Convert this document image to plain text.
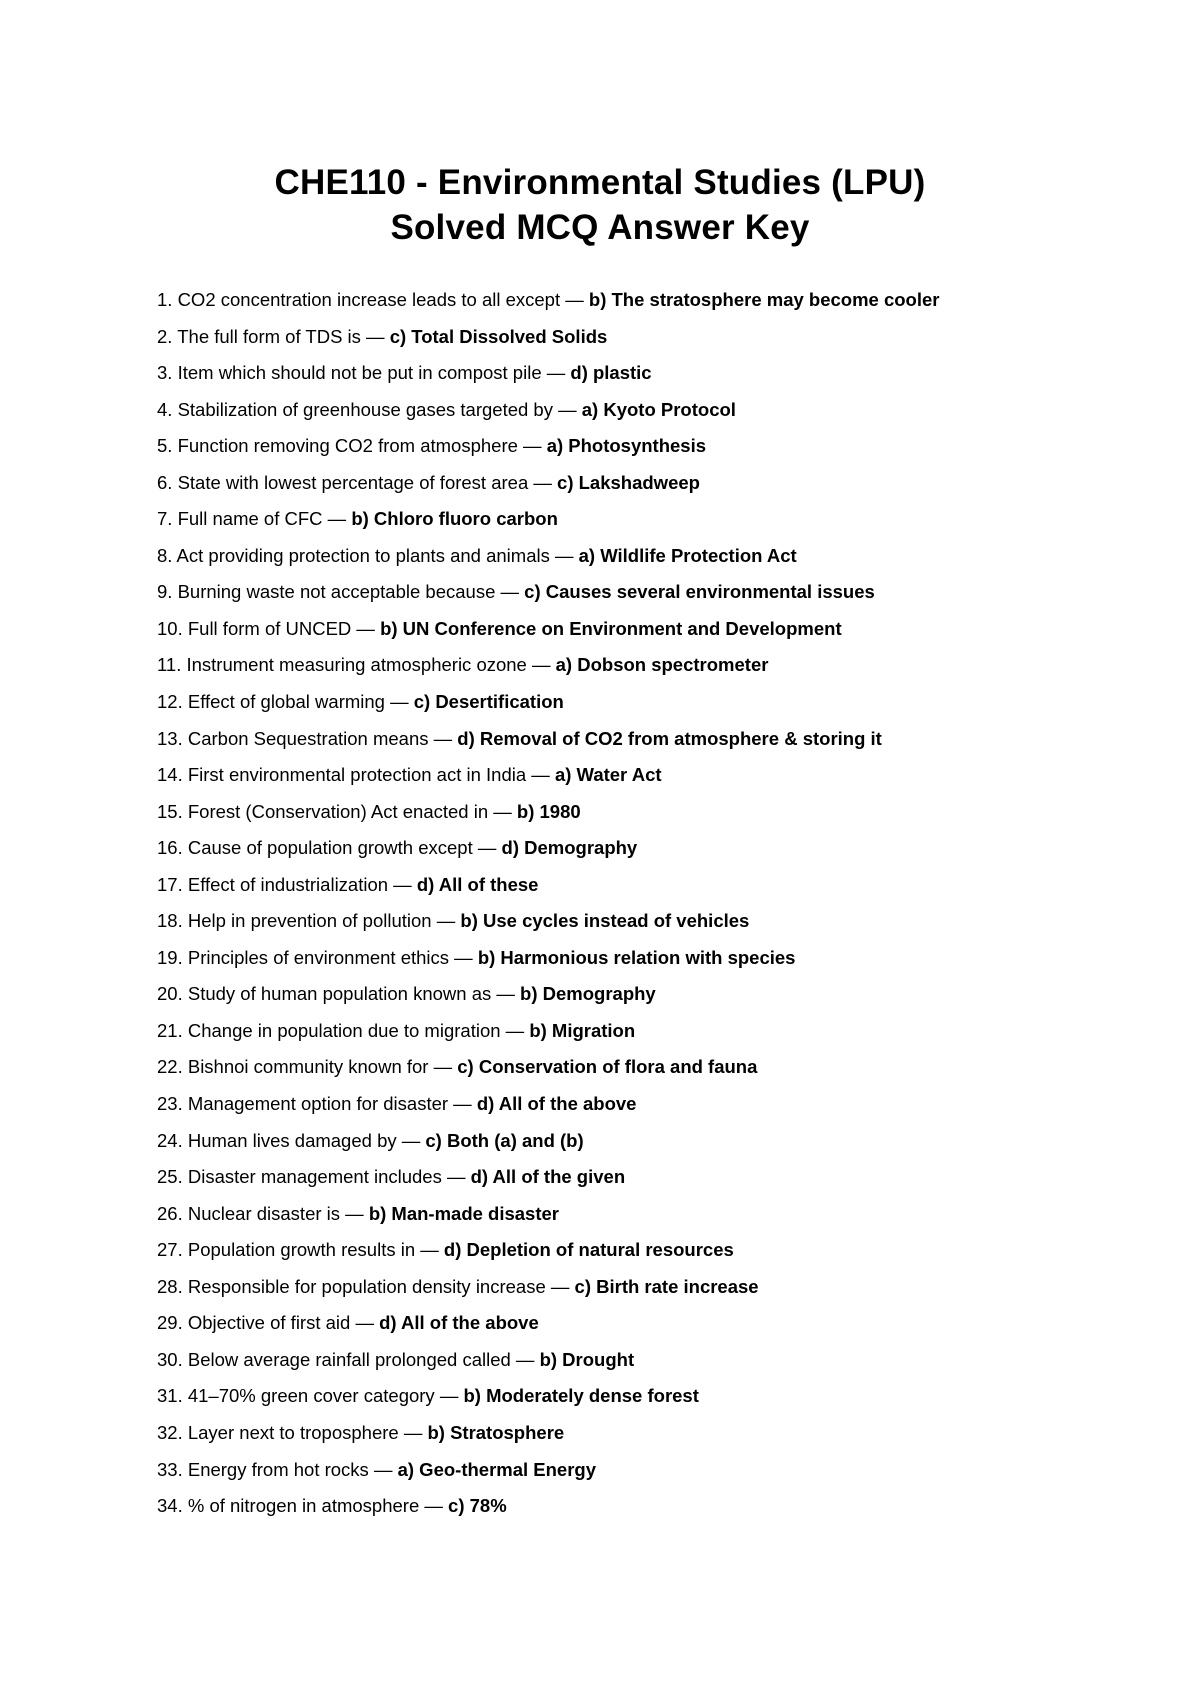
CHE110 - Environmental Studies (LPU)
Solved MCQ Answer Key
1. CO2 concentration increase leads to all except — b) The stratosphere may become cooler
2. The full form of TDS is — c) Total Dissolved Solids
3. Item which should not be put in compost pile — d) plastic
4. Stabilization of greenhouse gases targeted by — a) Kyoto Protocol
5. Function removing CO2 from atmosphere — a) Photosynthesis
6. State with lowest percentage of forest area — c) Lakshadweep
7. Full name of CFC — b) Chloro fluoro carbon
8. Act providing protection to plants and animals — a) Wildlife Protection Act
9. Burning waste not acceptable because — c) Causes several environmental issues
10. Full form of UNCED — b) UN Conference on Environment and Development
11. Instrument measuring atmospheric ozone — a) Dobson spectrometer
12. Effect of global warming — c) Desertification
13. Carbon Sequestration means — d) Removal of CO2 from atmosphere & storing it
14. First environmental protection act in India — a) Water Act
15. Forest (Conservation) Act enacted in — b) 1980
16. Cause of population growth except — d) Demography
17. Effect of industrialization — d) All of these
18. Help in prevention of pollution — b) Use cycles instead of vehicles
19. Principles of environment ethics — b) Harmonious relation with species
20. Study of human population known as — b) Demography
21. Change in population due to migration — b) Migration
22. Bishnoi community known for — c) Conservation of flora and fauna
23. Management option for disaster — d) All of the above
24. Human lives damaged by — c) Both (a) and (b)
25. Disaster management includes — d) All of the given
26. Nuclear disaster is — b) Man-made disaster
27. Population growth results in — d) Depletion of natural resources
28. Responsible for population density increase — c) Birth rate increase
29. Objective of first aid — d) All of the above
30. Below average rainfall prolonged called — b) Drought
31. 41–70% green cover category — b) Moderately dense forest
32. Layer next to troposphere — b) Stratosphere
33. Energy from hot rocks — a) Geo-thermal Energy
34. % of nitrogen in atmosphere — c) 78%
